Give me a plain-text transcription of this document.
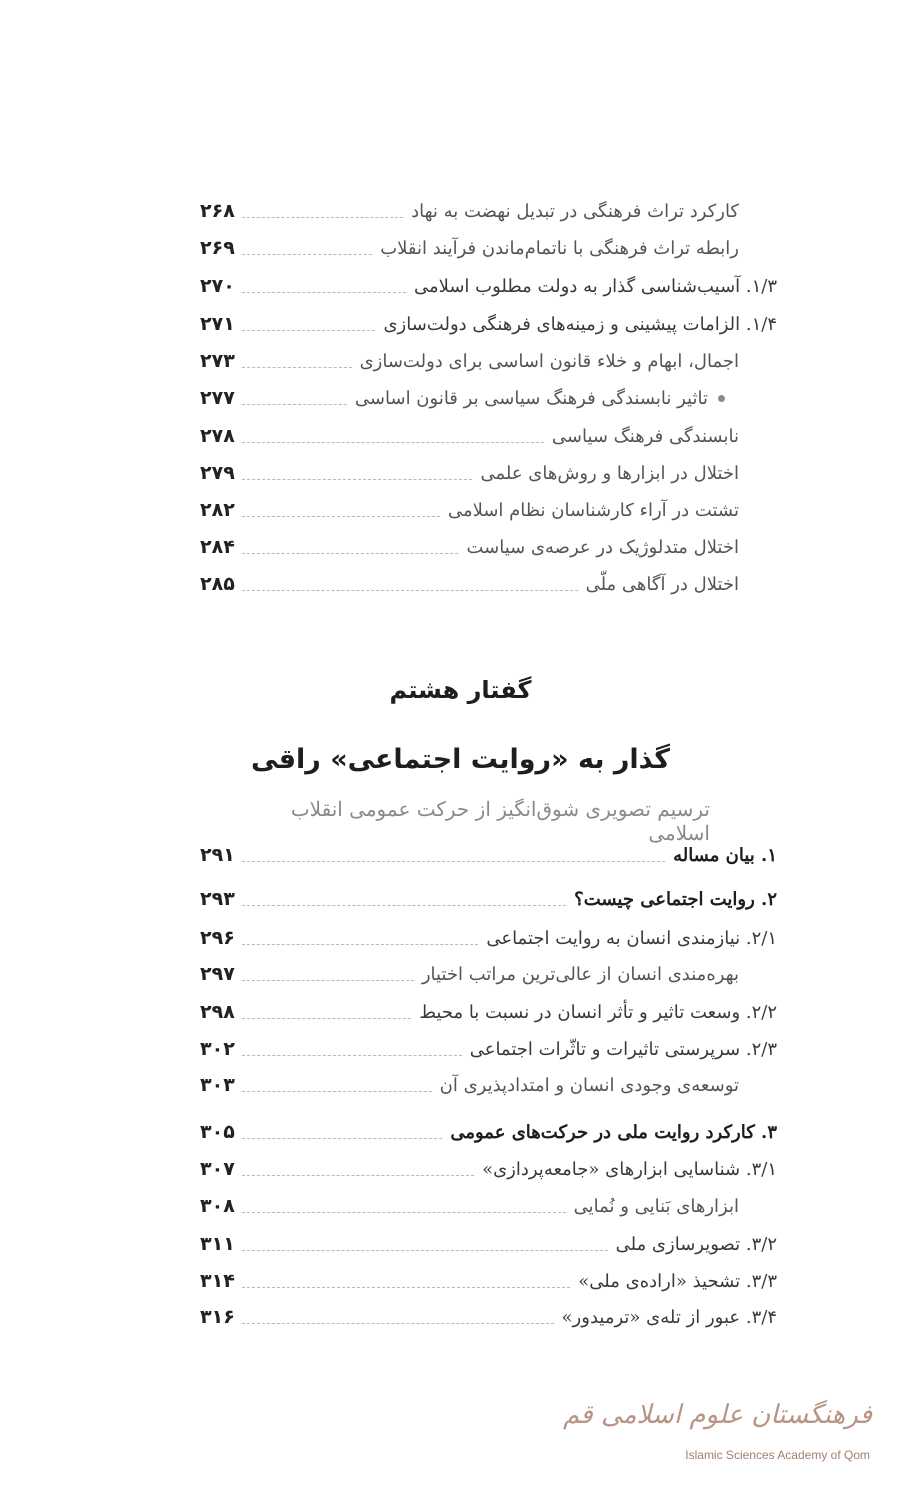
کارکرد تراث فرهنگی در تبدیل نهضت به نهاد
۲۶۸
رابطه تراث فرهنگی با ناتمام‌ماندن فرآیند انقلاب
۲۶۹
۱/۳. آسیب‌شناسی گذار به دولت مطلوب اسلامی
۲۷۰
۱/۴. الزامات پیشینی و زمینه‌های فرهنگی دولت‌سازی
۲۷۱
اجمال، ابهام و خلاء قانون اساسی برای دولت‌سازی
۲۷۳
تاثیر نابسندگی فرهنگ سیاسی بر قانون اساسی
۲۷۷
نابسندگی فرهنگ سیاسی
۲۷۸
اختلال در ابزارها و روش‌های علمی
۲۷۹
تشتت در آراء کارشناسان نظام اسلامی
۲۸۲
اختلال متدلوژیک در عرصه‌ی سیاست
۲۸۴
اختلال در آگاهی ملّی
۲۸۵
گفتار هشتم
گذار به «روایت اجتماعی» راقی
ترسیم تصویری شوق‌انگیز از حرکت عمومی انقلاب اسلامی
۱. بیان مساله
۲۹۱
۲. روایت اجتماعی چیست؟
۲۹۳
۲/۱. نیازمندی انسان به روایت اجتماعی
۲۹۶
بهره‌مندی انسان از عالی‌ترین مراتب اختیار
۲۹۷
۲/۲. وسعت تاثیر و تأثر انسان در نسبت با محیط
۲۹۸
۲/۳. سرپرستی تاثیرات و تاثّرات اجتماعی
۳۰۲
توسعه‌ی وجودی انسان و امتدادپذیری آن
۳۰۳
۳. کارکرد روایت ملی در حرکت‌های عمومی
۳۰۵
۳/۱. شناسایی ابزارهای «جامعه‌پردازی»
۳۰۷
ابزارهای بَنایی و نُمایی
۳۰۸
۳/۲. تصویرسازی ملی
۳۱۱
۳/۳. تشحیذ «اراده‌ی ملی»
۳۱۴
۳/۴. عبور از تله‌ی «ترمیدور»
۳۱۶
فرهنگستان علوم اسلامی قم
Islamic Sciences Academy of Qom
